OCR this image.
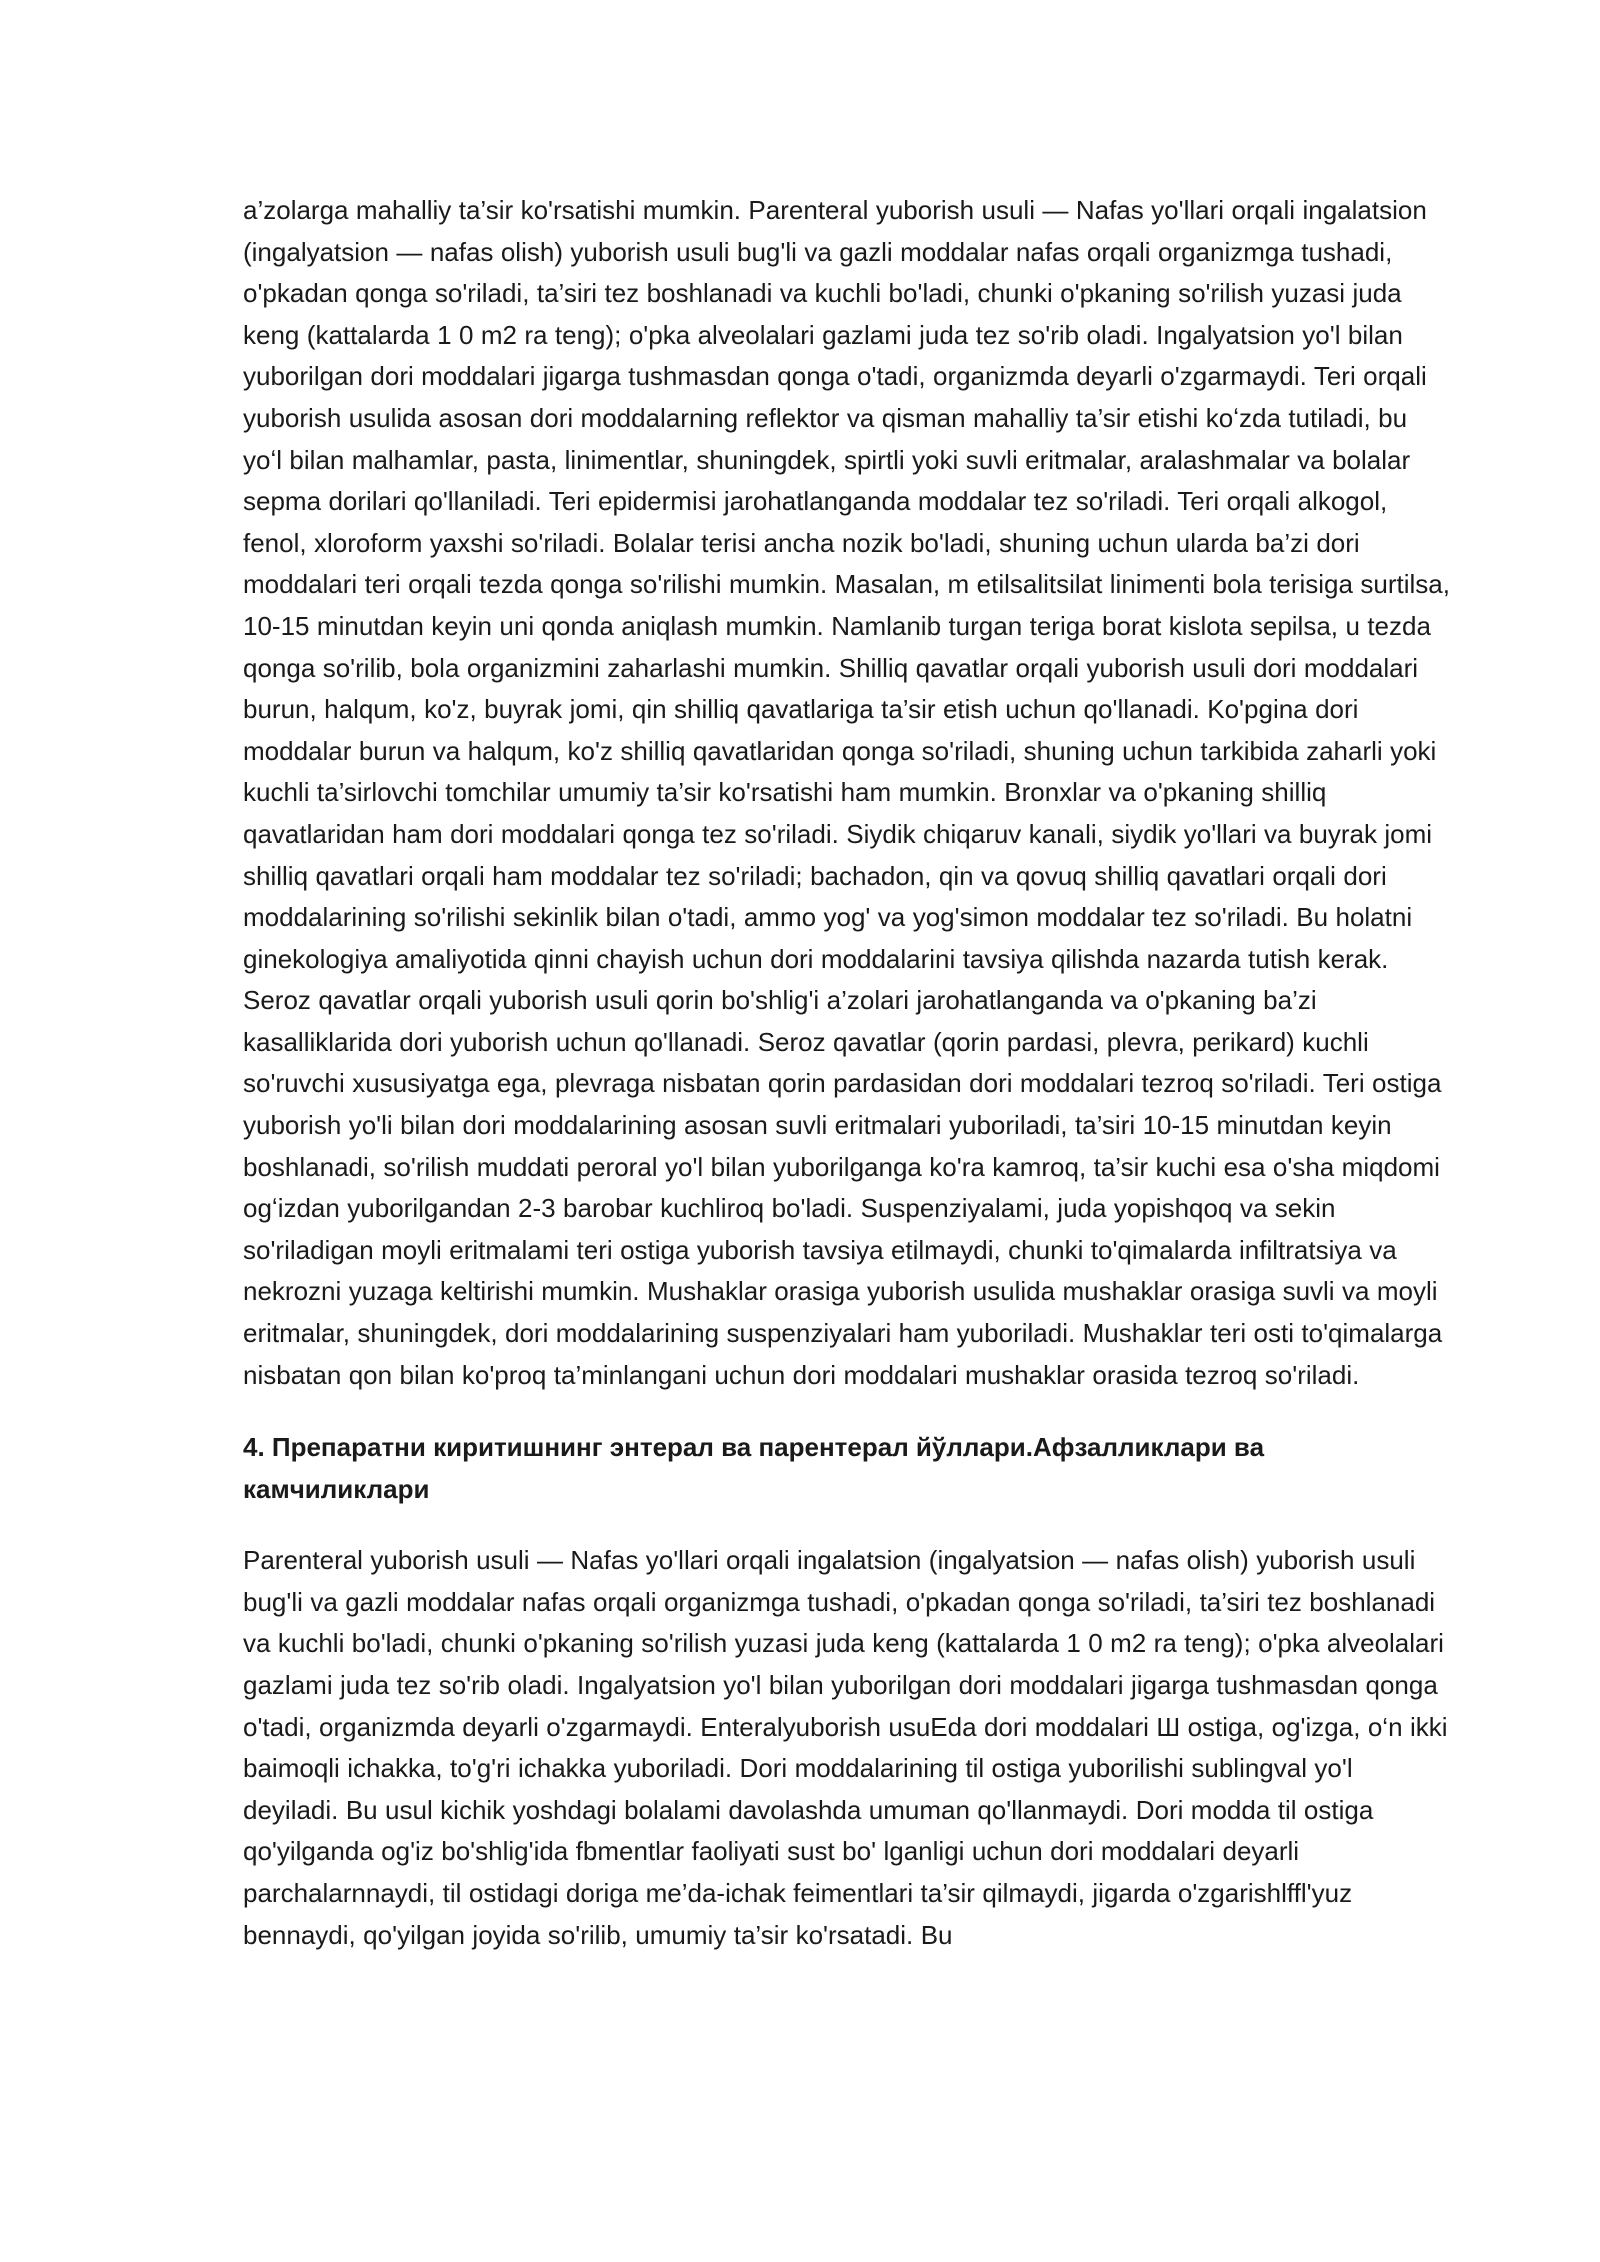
a’zolarga mahalliy ta’sir ko'rsatishi mumkin. Parenteral yuborish usuli — Nafas yo'llari orqali ingalatsion (ingalyatsion — nafas olish) yuborish usuli bug'li va gazli moddalar nafas orqali organizmga tushadi, o'pkadan qonga so'riladi, ta’siri tez boshlanadi va kuchli bo'ladi, chunki o'pkaning so'rilish yuzasi juda keng (kattalarda 1 0 m2 ra teng); o'pka alveolalari gazlami juda tez so'rib oladi. Ingalyatsion yo'l bilan yuborilgan dori moddalari jigarga tushmasdan qonga o'tadi, organizmda deyarli o'zgarmaydi. Teri orqali yuborish usulida asosan dori moddalarning reflektor va qisman mahalliy ta’sir etishi koʻzda tutiladi, bu yoʻl bilan malhamlar, pasta, linimentlar, shuningdek, spirtli yoki suvli eritmalar, aralashmalar va bolalar sepma dorilari qo'llaniladi. Teri epidermisi jarohatlanganda moddalar tez so'riladi. Teri orqali alkogol, fenol, xloroform yaxshi so'riladi. Bolalar terisi ancha nozik bo'ladi, shuning uchun ularda ba’zi dori moddalari teri orqali tezda qonga so'rilishi mumkin. Masalan, m etilsalitsilat linimenti bola terisiga surtilsa, 10-15 minutdan keyin uni qonda aniqlash mumkin. Namlanib turgan teriga borat kislota sepilsa, u tezda qonga so'rilib, bola organizmini zaharlashi mumkin. Shilliq qavatlar orqali yuborish usuli dori moddalari burun, halqum, ko'z, buyrak jomi, qin shilliq qavatlariga ta’sir etish uchun qo'llanadi. Ko'pgina dori moddalar burun va halqum, ko'z shilliq qavatlaridan qonga so'riladi, shuning uchun tarkibida zaharli yoki kuchli ta’sirlovchi tomchilar umumiy ta’sir ko'rsatishi ham mumkin. Bronxlar va o'pkaning shilliq qavatlaridan ham dori moddalari qonga tez so'riladi. Siydik chiqaruv kanali, siydik yo'llari va buyrak jomi shilliq qavatlari orqali ham moddalar tez so'riladi; bachadon, qin va qovuq shilliq qavatlari orqali dori moddalarining so'rilishi sekinlik bilan o'tadi, ammo yog' va yog'simon moddalar tez so'riladi. Bu holatni ginekologiya amaliyotida qinni chayish uchun dori moddalarini tavsiya qilishda nazarda tutish kerak. Seroz qavatlar orqali yuborish usuli qorin bo'shlig'i a’zolari jarohatlanganda va o'pkaning ba’zi kasalliklarida dori yuborish uchun qo'llanadi. Seroz qavatlar (qorin pardasi, plevra, perikard) kuchli so'ruvchi xususiyatga ega, plevraga nisbatan qorin pardasidan dori moddalari tezroq so'riladi. Teri ostiga yuborish yo'li bilan dori moddalarining asosan suvli eritmalari yuboriladi, ta’siri 10-15 minutdan keyin boshlanadi, so'rilish muddati peroral yo'l bilan yuborilganga ko'ra kamroq, ta’sir kuchi esa o'sha miqdomi ogʻizdan yuborilgandan 2-3 barobar kuchliroq bo'ladi. Suspenziyalami, juda yopishqoq va sekin so'riladigan moyli eritmalami teri ostiga yuborish tavsiya etilmaydi, chunki to'qimalarda infiltratsiya va nekrozni yuzaga keltirishi mumkin. Mushaklar orasiga yuborish usulida mushaklar orasiga suvli va moyli eritmalar, shuningdek, dori moddalarining suspenziyalari ham yuboriladi. Mushaklar teri osti to'qimalarga nisbatan qon bilan ko'proq ta’minlangani uchun dori moddalari mushaklar orasida tezroq so'riladi.

4. Препаратни киритишнинг энтерал ва парентерал йўллари.Афзалликлари ва камчиликлари

Parenteral yuborish usuli — Nafas yo'llari orqali ingalatsion (ingalyatsion — nafas olish) yuborish usuli bug'li va gazli moddalar nafas orqali organizmga tushadi, o'pkadan qonga so'riladi, ta’siri tez boshlanadi va kuchli bo'ladi, chunki o'pkaning so'rilish yuzasi juda keng (kattalarda 1 0 m2 ra teng); o'pka alveolalari gazlami juda tez so'rib oladi. Ingalyatsion yo'l bilan yuborilgan dori moddalari jigarga tushmasdan qonga o'tadi, organizmda deyarli o'zgarmaydi. Enteralyuborish usuEda dori moddalari Ш ostiga, og'izga, o‘n ikki baimoqli ichakka, to'g'ri ichakka yuboriladi. Dori moddalarining til ostiga yuborilishi sublingval yo'l deyiladi. Bu usul kichik yoshdagi bolalami davolashda umuman qo'llanmaydi. Dori modda til ostiga qo'yilganda og'iz bo'shlig'ida fbmentlar faoliyati sust bo' lganligi uchun dori moddalari deyarli parchalarnnaydi, til ostidagi doriga me’da-ichak feimentlari ta’sir qilmaydi, jigarda o'zgarishlffl'yuz bennaydi, qo'yilgan joyida so'rilib, umumiy ta’sir ko'rsatadi. Bu
